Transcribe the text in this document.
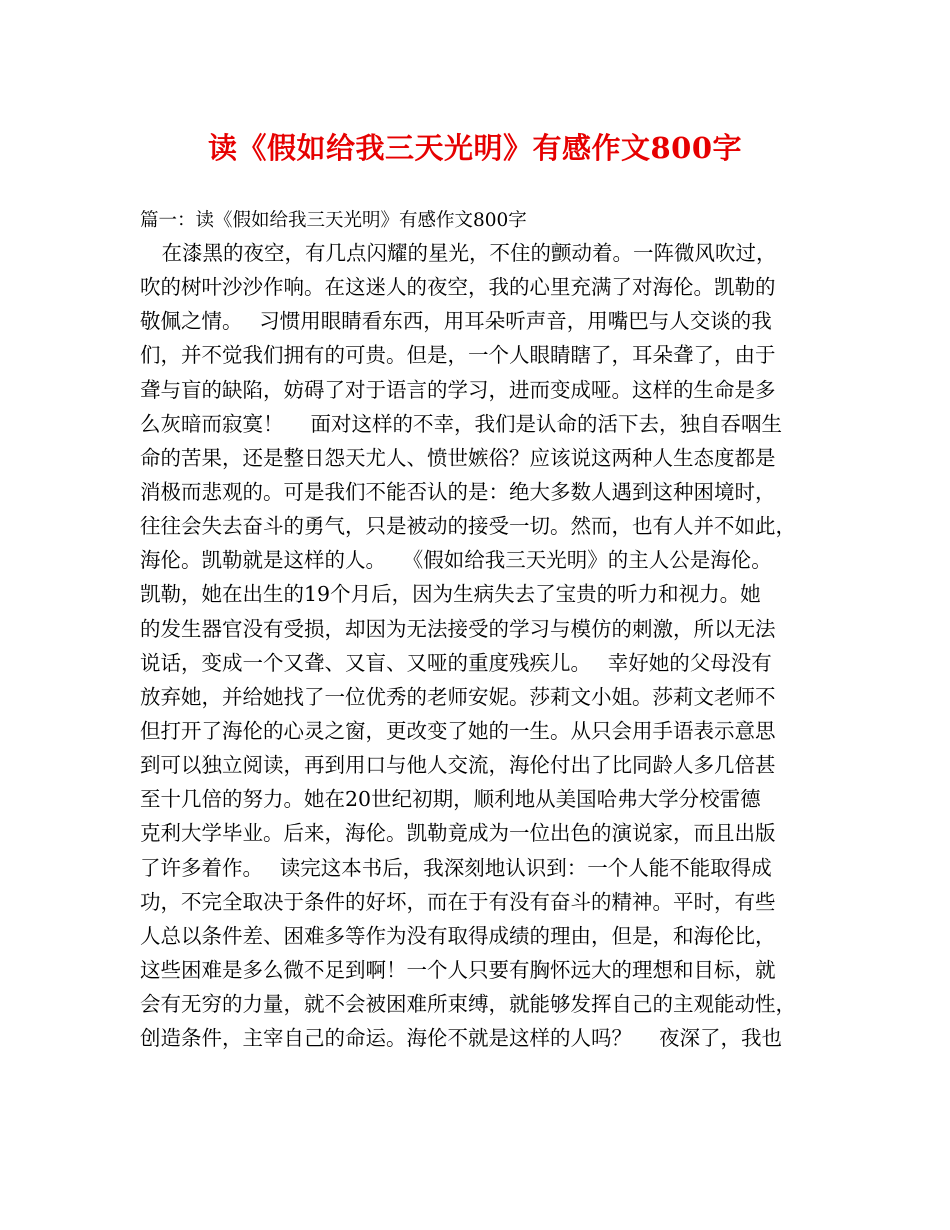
读《假如给我三天光明》有感作文800字
篇一：读《假如给我三天光明》有感作文800字
在漆黑的夜空，有几点闪耀的星光，不住的颤动着。一阵微风吹过，
吹的树叶沙沙作响。在这迷人的夜空，我的心里充满了对海伦。凯勒的
敬佩之情。　 习惯用眼睛看东西，用耳朵听声音，用嘴巴与人交谈的我
们，并不觉我们拥有的可贵。但是，一个人眼睛瞎了，耳朵聋了，由于
聋与盲的缺陷，妨碍了对于语言的学习，进而变成哑。这样的生命是多
么灰暗而寂寞！　 面对这样的不幸，我们是认命的活下去，独自吞咽生
命的苦果，还是整日怨天尤人、愤世嫉俗？应该说这两种人生态度都是
消极而悲观的。可是我们不能否认的是：绝大多数人遇到这种困境时，
往往会失去奋斗的勇气，只是被动的接受一切。然而，也有人并不如此，
海伦。凯勒就是这样的人。　 《假如给我三天光明》的主人公是海伦。
凯勒，她在出生的19个月后，因为生病失去了宝贵的听力和视力。她
的发生器官没有受损，却因为无法接受的学习与模仿的刺激，所以无法
说话，变成一个又聋、又盲、又哑的重度残疾儿。　 幸好她的父母没有
放弃她，并给她找了一位优秀的老师安妮。莎莉文小姐。莎莉文老师不
但打开了海伦的心灵之窗，更改变了她的一生。从只会用手语表示意思
到可以独立阅读，再到用口与他人交流，海伦付出了比同龄人多几倍甚
至十几倍的努力。她在20世纪初期，顺利地从美国哈弗大学分校雷德
克利大学毕业。后来，海伦。凯勒竟成为一位出色的演说家，而且出版
了许多着作。　 读完这本书后，我深刻地认识到：一个人能不能取得成
功，不完全取决于条件的好坏，而在于有没有奋斗的精神。平时，有些
人总以条件差、困难多等作为没有取得成绩的理由，但是，和海伦比，
这些困难是多么微不足到啊！一个人只要有胸怀远大的理想和目标，就
会有无穷的力量，就不会被困难所束缚，就能够发挥自己的主观能动性，
创造条件，主宰自己的命运。海伦不就是这样的人吗？　 夜深了，我也
